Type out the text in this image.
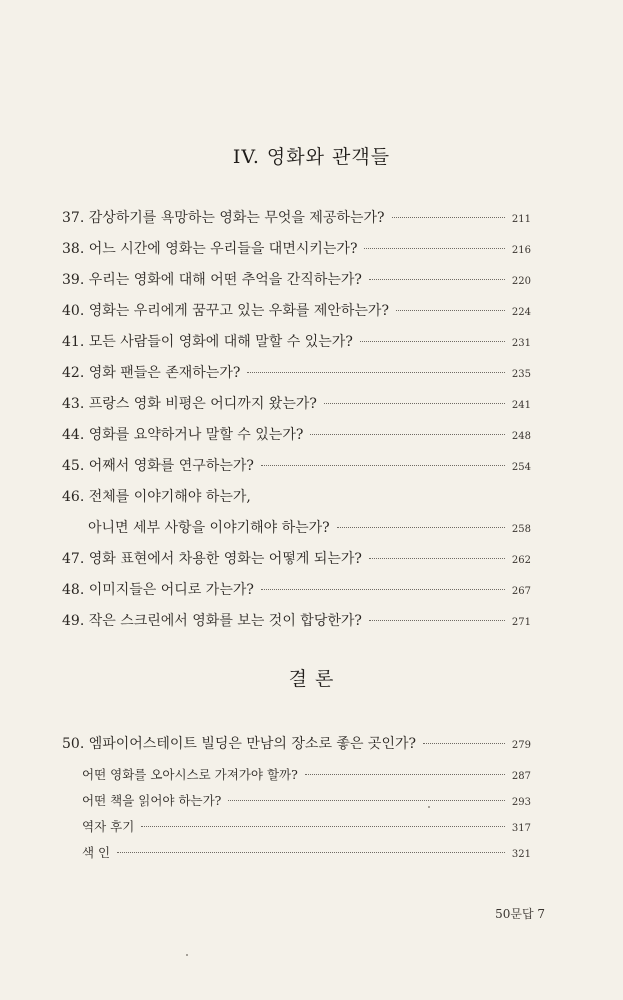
IV. 영화와 관객들
37. 감상하기를 욕망하는 영화는 무엇을 제공하는가?	211
38. 어느 시간에 영화는 우리들을 대면시키는가?	216
39. 우리는 영화에 대해 어떤 추억을 간직하는가?	220
40. 영화는 우리에게 꿈꾸고 있는 우화를 제안하는가?	224
41. 모든 사람들이 영화에 대해 말할 수 있는가?	231
42. 영화 팬들은 존재하는가?	235
43. 프랑스 영화 비평은 어디까지 왔는가?	241
44. 영화를 요약하거나 말할 수 있는가?	248
45. 어째서 영화를 연구하는가?	254
46. 전체를 이야기해야 하는가,
아니면 세부 사항을 이야기해야 하는가?	258
47. 영화 표현에서 차용한 영화는 어떻게 되는가?	262
48. 이미지들은 어디로 가는가?	267
49. 작은 스크린에서 영화를 보는 것이 합당한가?	271
결 론
50. 엠파이어스테이트 빌딩은 만남의 장소로 좋은 곳인가?	279
어떤 영화를 오아시스로 가져가야 할까?	287
어떤 책을 읽어야 하는가?	293
역자 후기	317
색 인	321
50문답 7
